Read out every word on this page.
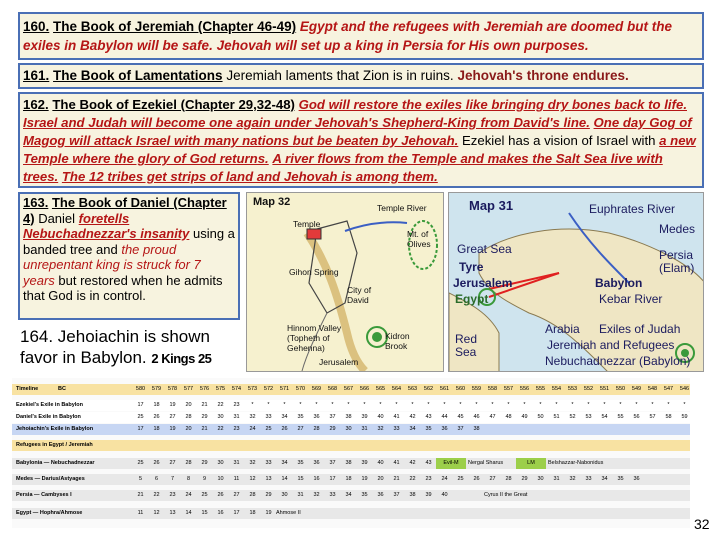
160. The Book of Jeremiah (Chapter 46-49) Egypt and the refugees with Jeremiah are doomed but the exiles in Babylon will be safe. Jehovah will set up a king in Persia for His own purposes.
161. The Book of Lamentations Jeremiah laments that Zion is in ruins. Jehovah's throne endures.
162. The Book of Ezekiel (Chapter 29,32-48) God will restore the exiles like bringing dry bones back to life. Israel and Judah will become one again under Jehovah's Shepherd-King from David's line. One day Gog of Magog will attack Israel with many nations but be beaten by Jehovah. Ezekiel has a vision of Israel with a new Temple where the glory of God returns. A river flows from the Temple and makes the Salt Sea live with trees. The 12 tribes get strips of land and Jehovah is among them.
163. The Book of Daniel (Chapter 4) Daniel foretells Nebuchadnezzar's insanity using a banded tree and the proud unrepentant king is struck for 7 years but restored when he admits that God is in control.
164. Jehoiachin is shown favor in Babylon. 2 Kings 25
Map 32
Temple
Temple River
Mt. of Olives
Gihon Spring
City of David
Hinnom Valley (Topheth of Gehenna)
Kidron Brook
Jerusalem
Map 31	Euphrates River
Medes
Great Sea	Persia (Elam)
Tyre
Jerusalem	Babylon
Egypt	Kebar River
Arabia Exiles of Judah
Red Sea	Jeremiah and Refugees
Nebuchadnezzar (Babylon)
Timeline	BC	580	579	578	577	576	575	574	573	572	571	570	569	568	567	566	565	564	563	562	561	560	559	558	557	556	555	554	553	552	551	550	549	548	547	546
Ezekiel's Exile in Babylon	17	18	19	20	21	22	23	*	*	*	*	*	*	*	*	*	*	*	*	*	*	*	*	*	*	*	*	*	*	*	*	*	*	*	*
Daniel's Exile in Babylon	25	26	27	28	29	30	31	32	33	34	35	36	37	38	39	40	41	42	43	44	45	46	47	48	49	50	51	52	53	54	55	56	57	58	59
Jehoiachin's Exile in Babylon	17	18	19	20	21	22	23	24	25	26	27	28	29	30	31	32	33	34	35	36	37	38
Refugees in Egypt / Jeremiah
Babylonia — Nebuchadnezzar	25	26	27	28	29	30	31	32	33	34	35	36	37	38	39	40	41	42	43	Evil-M	Nergal Sharus	LM	Belshazzar-Nabonidus
Medes — Darius/Astyages	5	6	7	8	9	10	11	12	13	14	15	16	17	18	19	20	21	22	23	24	25	26	27	28	29	30	31	32	33	34	35	36
Persia — Cambyses I	21	22	23	24	25	26	27	28	29	30	31	32	33	34	35	36	37	38	39	40	Cyrus II the Great
Egypt — Hophra/Ahmose	11	12	13	14	15	16	17	18	19 Ahmose II
32
